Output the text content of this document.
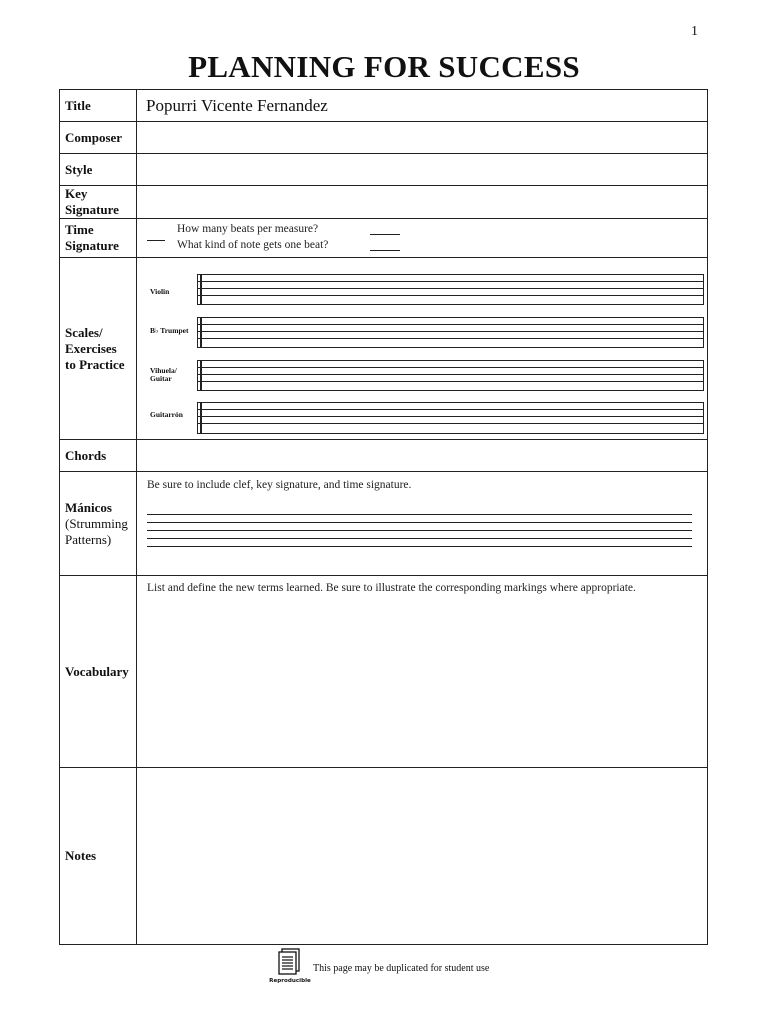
1
PLANNING FOR SUCCESS
Title	Popurri Vicente Fernandez
Composer
Style
Key
Signature
Time
Signature
How many beats per measure?
What kind of note gets one beat?
Scales/
Exercises
to Practice
Violin
B♭ Trumpet
Vihuela/
Guitar
Guitarrón
Chords
Mánicos
(Strumming
Patterns)
Be sure to include clef, key signature, and time signature.
Vocabulary
List and define the new terms learned. Be sure to illustrate the corresponding markings where appropriate.
Notes
Reproducible
This page may be duplicated for student use
